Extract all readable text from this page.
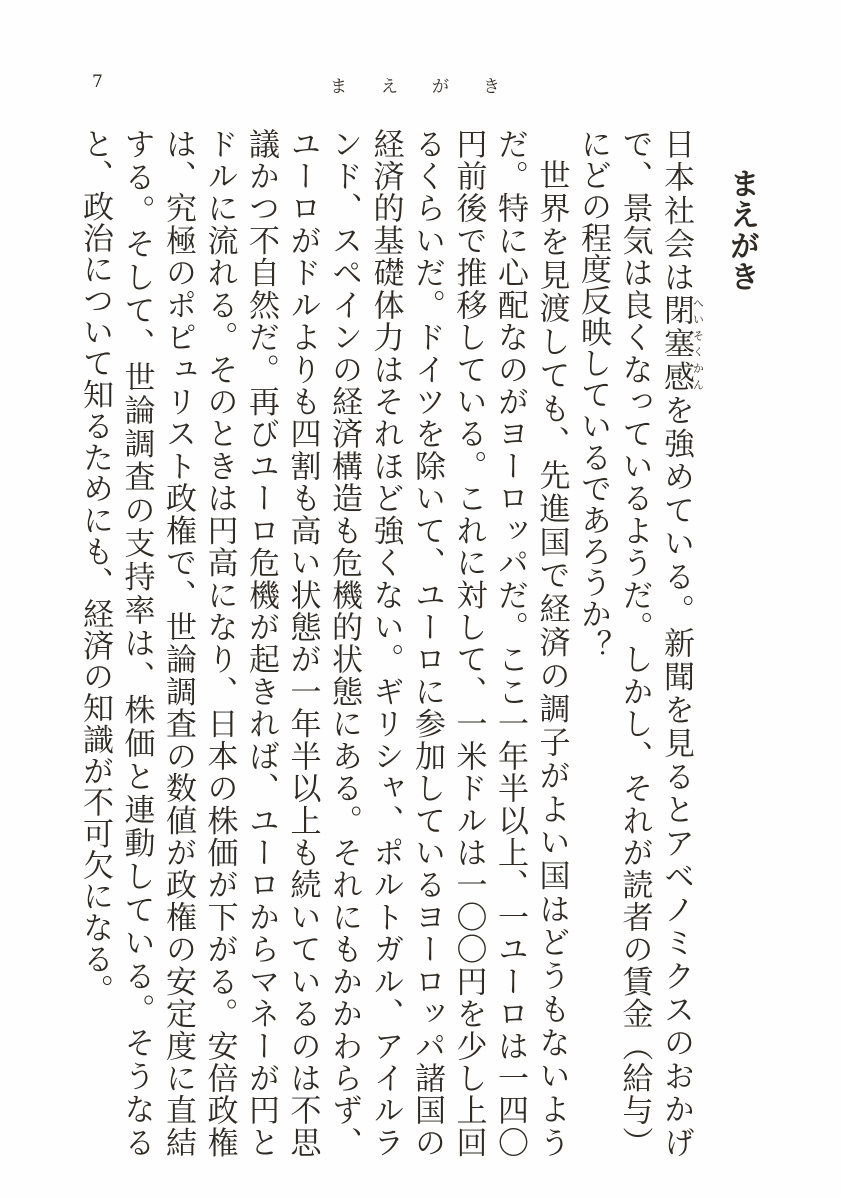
7	ま え が き
まえがき

日本社会は閉塞感へいそくかんを強めている。新聞を見るとアベノミクスのおかげで、景気は良くなっているようだ。しかし、それが読者の賃金（給与）にどの程度反映しているであろうか？

世界を見渡しても、先進国で経済の調子がよい国はどうもないようだ。特に心配なのがヨーロッパだ。ここ一年半以上、一ユーロは一四〇円前後で推移している。これに対して、一米ドルは一〇〇円を少し上回るくらいだ。ドイツを除いて、ユーロに参加しているヨーロッパ諸国の経済的基礎体力はそれほど強くない。ギリシャ、ポルトガル、アイルランド、スペインの経済構造も危機的状態にある。それにもかかわらず、ユーロがドルよりも四割も高い状態が一年半以上も続いているのは不思議かつ不自然だ。再びユーロ危機が起きれば、ユーロからマネーが円とドルに流れる。そのときは円高になり、日本の株価が下がる。安倍政権は、究極のポピュリスト政権で、世論調査の数値が政権の安定度に直結する。そして、世論調査の支持率は、株価と連動している。そうなると、政治について知るためにも、経済の知識が不可欠になる。
